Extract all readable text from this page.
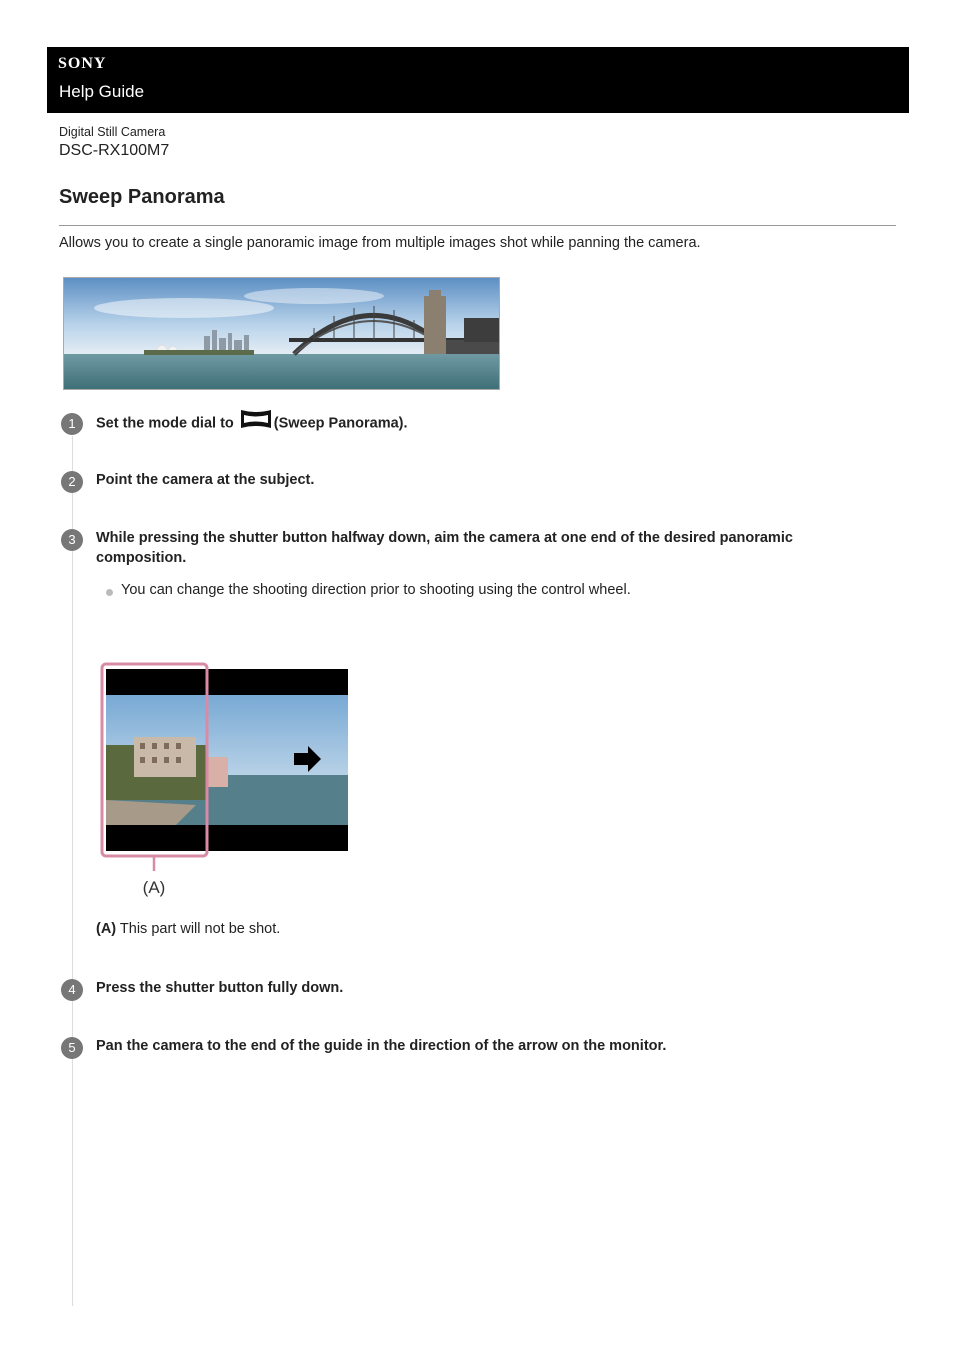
SONY
Help Guide
Digital Still Camera
DSC-RX100M7
Sweep Panorama
Allows you to create a single panoramic image from multiple images shot while panning the camera.
1	Set the mode dial to	(Sweep Panorama).
2	Point the camera at the subject.
3	While pressing the shutter button halfway down, aim the camera at one end of the desired panoramic composition.
You can change the shooting direction prior to shooting using the control wheel.
(A)
(A) This part will not be shot.
4	Press the shutter button fully down.
5	Pan the camera to the end of the guide in the direction of the arrow on the monitor.
